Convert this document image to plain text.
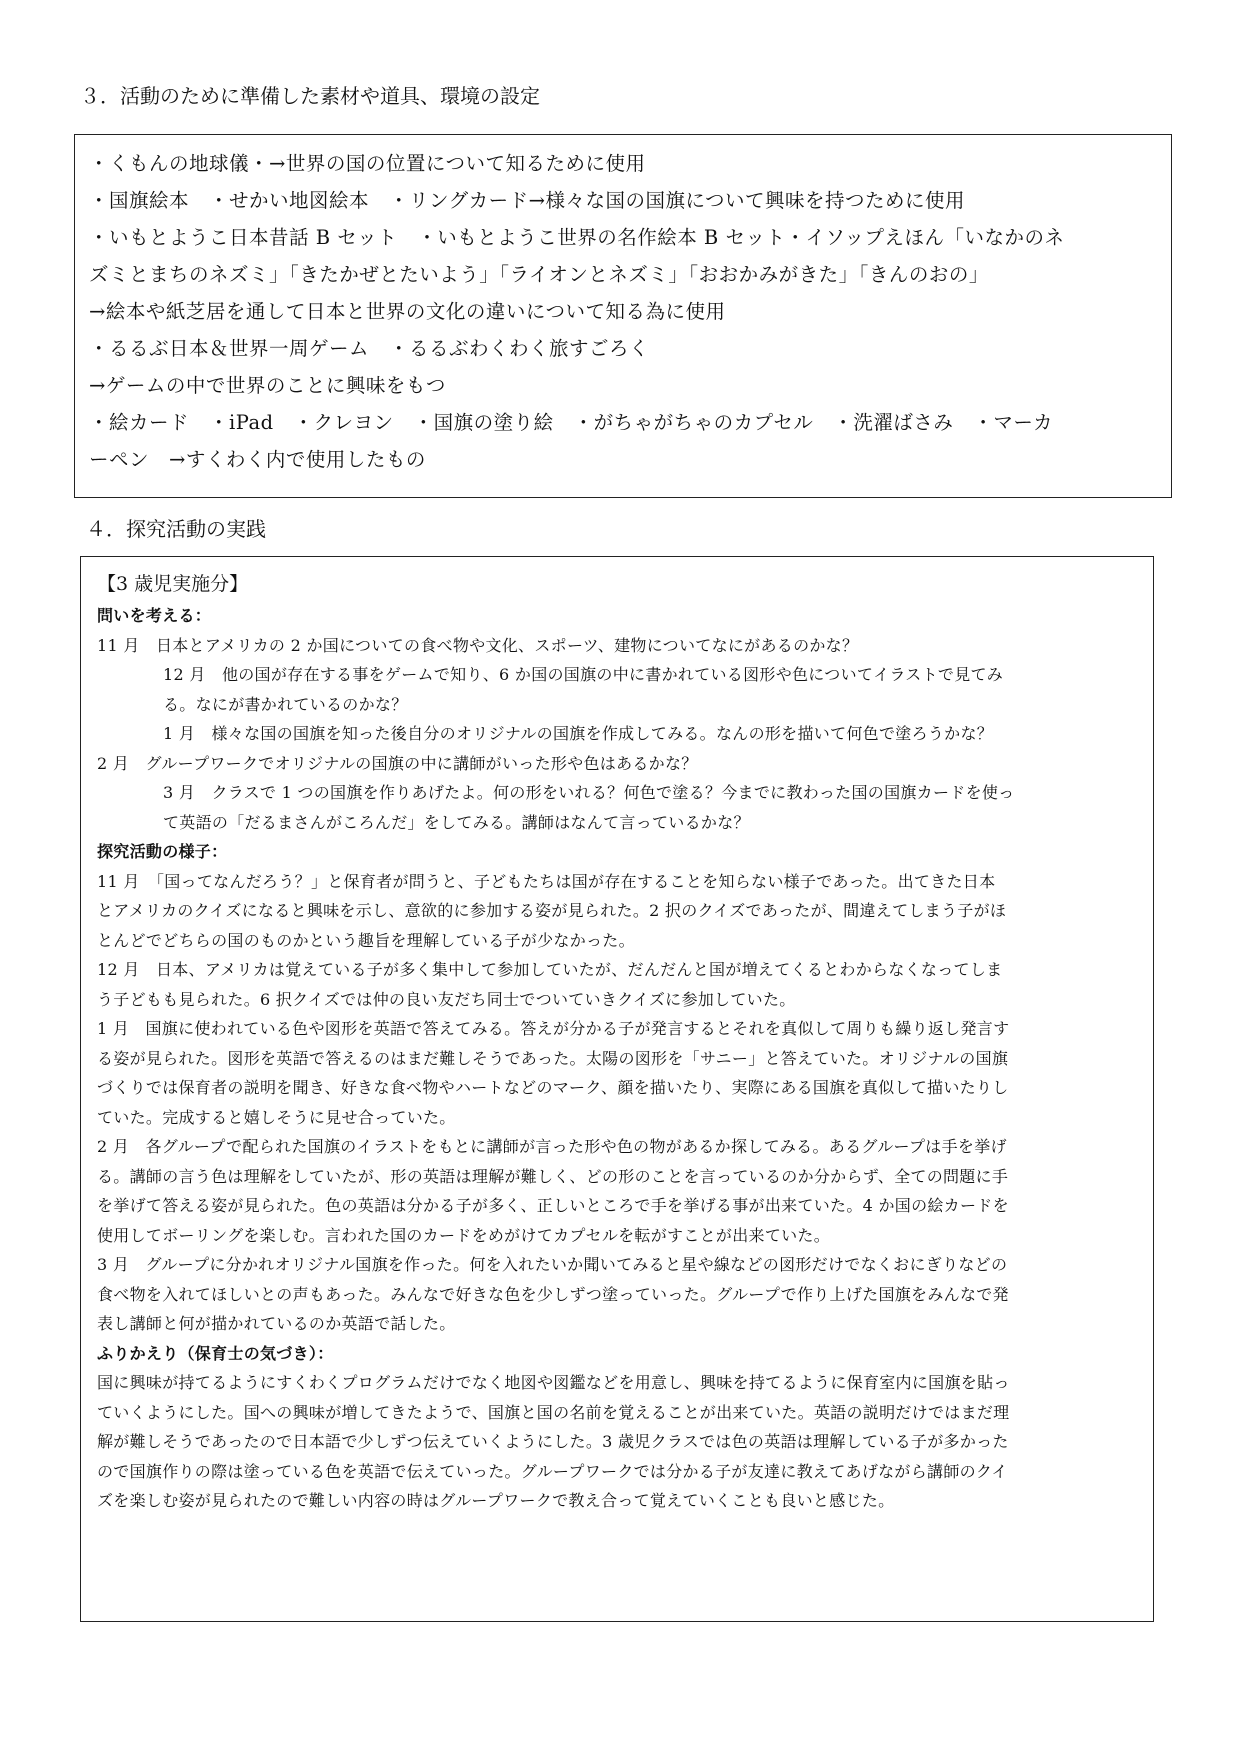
３．活動のために準備した素材や道具、環境の設定
・くもんの地球儀・→世界の国の位置について知るために使用
・国旗絵本　・せかい地図絵本　・リングカード→様々な国の国旗について興味を持つために使用
・いもとようこ日本昔話 B セット　・いもとようこ世界の名作絵本 B セット・イソップえほん「いなかのネ
ズミとまちのネズミ」「きたかぜとたいよう」「ライオンとネズミ」「おおかみがきた」「きんのおの」
→絵本や紙芝居を通して日本と世界の文化の違いについて知る為に使用
・るるぶ日本＆世界一周ゲーム　・るるぶわくわく旅すごろく
→ゲームの中で世界のことに興味をもつ
・絵カード　・iPad　・クレヨン　・国旗の塗り絵　・がちゃがちゃのカプセル　・洗濯ばさみ　・マーカ
ーペン　→すくわく内で使用したもの
４．探究活動の実践
【3 歳児実施分】
問いを考える：
11 月　日本とアメリカの 2 か国についての食べ物や文化、スポーツ、建物についてなにがあるのかな？
12 月　他の国が存在する事をゲームで知り、6 か国の国旗の中に書かれている図形や色についてイラストで見てみ
る。なにが書かれているのかな？
1 月　様々な国の国旗を知った後自分のオリジナルの国旗を作成してみる。なんの形を描いて何色で塗ろうかな？
2 月　グループワークでオリジナルの国旗の中に講師がいった形や色はあるかな？
3 月　クラスで 1 つの国旗を作りあげたよ。何の形をいれる？何色で塗る？今までに教わった国の国旗カードを使っ
て英語の「だるまさんがころんだ」をしてみる。講師はなんて言っているかな？
探究活動の様子：
11 月　「国ってなんだろう？」と保育者が問うと、子どもたちは国が存在することを知らない様子であった。出てきた日本
とアメリカのクイズになると興味を示し、意欲的に参加する姿が見られた。2 択のクイズであったが、間違えてしまう子がほ
とんどでどちらの国のものかという趣旨を理解している子が少なかった。
12 月　日本、アメリカは覚えている子が多く集中して参加していたが、だんだんと国が増えてくるとわからなくなってしま
う子どもも見られた。6 択クイズでは仲の良い友だち同士でついていきクイズに参加していた。
1 月　国旗に使われている色や図形を英語で答えてみる。答えが分かる子が発言するとそれを真似して周りも繰り返し発言す
る姿が見られた。図形を英語で答えるのはまだ難しそうであった。太陽の図形を「サニー」と答えていた。オリジナルの国旗
づくりでは保育者の説明を聞き、好きな食べ物やハートなどのマーク、顔を描いたり、実際にある国旗を真似して描いたりし
ていた。完成すると嬉しそうに見せ合っていた。
2 月　各グループで配られた国旗のイラストをもとに講師が言った形や色の物があるか探してみる。あるグループは手を挙げ
る。講師の言う色は理解をしていたが、形の英語は理解が難しく、どの形のことを言っているのか分からず、全ての問題に手
を挙げて答える姿が見られた。色の英語は分かる子が多く、正しいところで手を挙げる事が出来ていた。4 か国の絵カードを
使用してボーリングを楽しむ。言われた国のカードをめがけてカプセルを転がすことが出来ていた。
3 月　グループに分かれオリジナル国旗を作った。何を入れたいか聞いてみると星や線などの図形だけでなくおにぎりなどの
食べ物を入れてほしいとの声もあった。みんなで好きな色を少しずつ塗っていった。グループで作り上げた国旗をみんなで発
表し講師と何が描かれているのか英語で話した。
ふりかえり（保育士の気づき）：
国に興味が持てるようにすくわくプログラムだけでなく地図や図鑑などを用意し、興味を持てるように保育室内に国旗を貼っ
ていくようにした。国への興味が増してきたようで、国旗と国の名前を覚えることが出来ていた。英語の説明だけではまだ理
解が難しそうであったので日本語で少しずつ伝えていくようにした。3 歳児クラスでは色の英語は理解している子が多かった
ので国旗作りの際は塗っている色を英語で伝えていった。グループワークでは分かる子が友達に教えてあげながら講師のクイ
ズを楽しむ姿が見られたので難しい内容の時はグループワークで教え合って覚えていくことも良いと感じた。
